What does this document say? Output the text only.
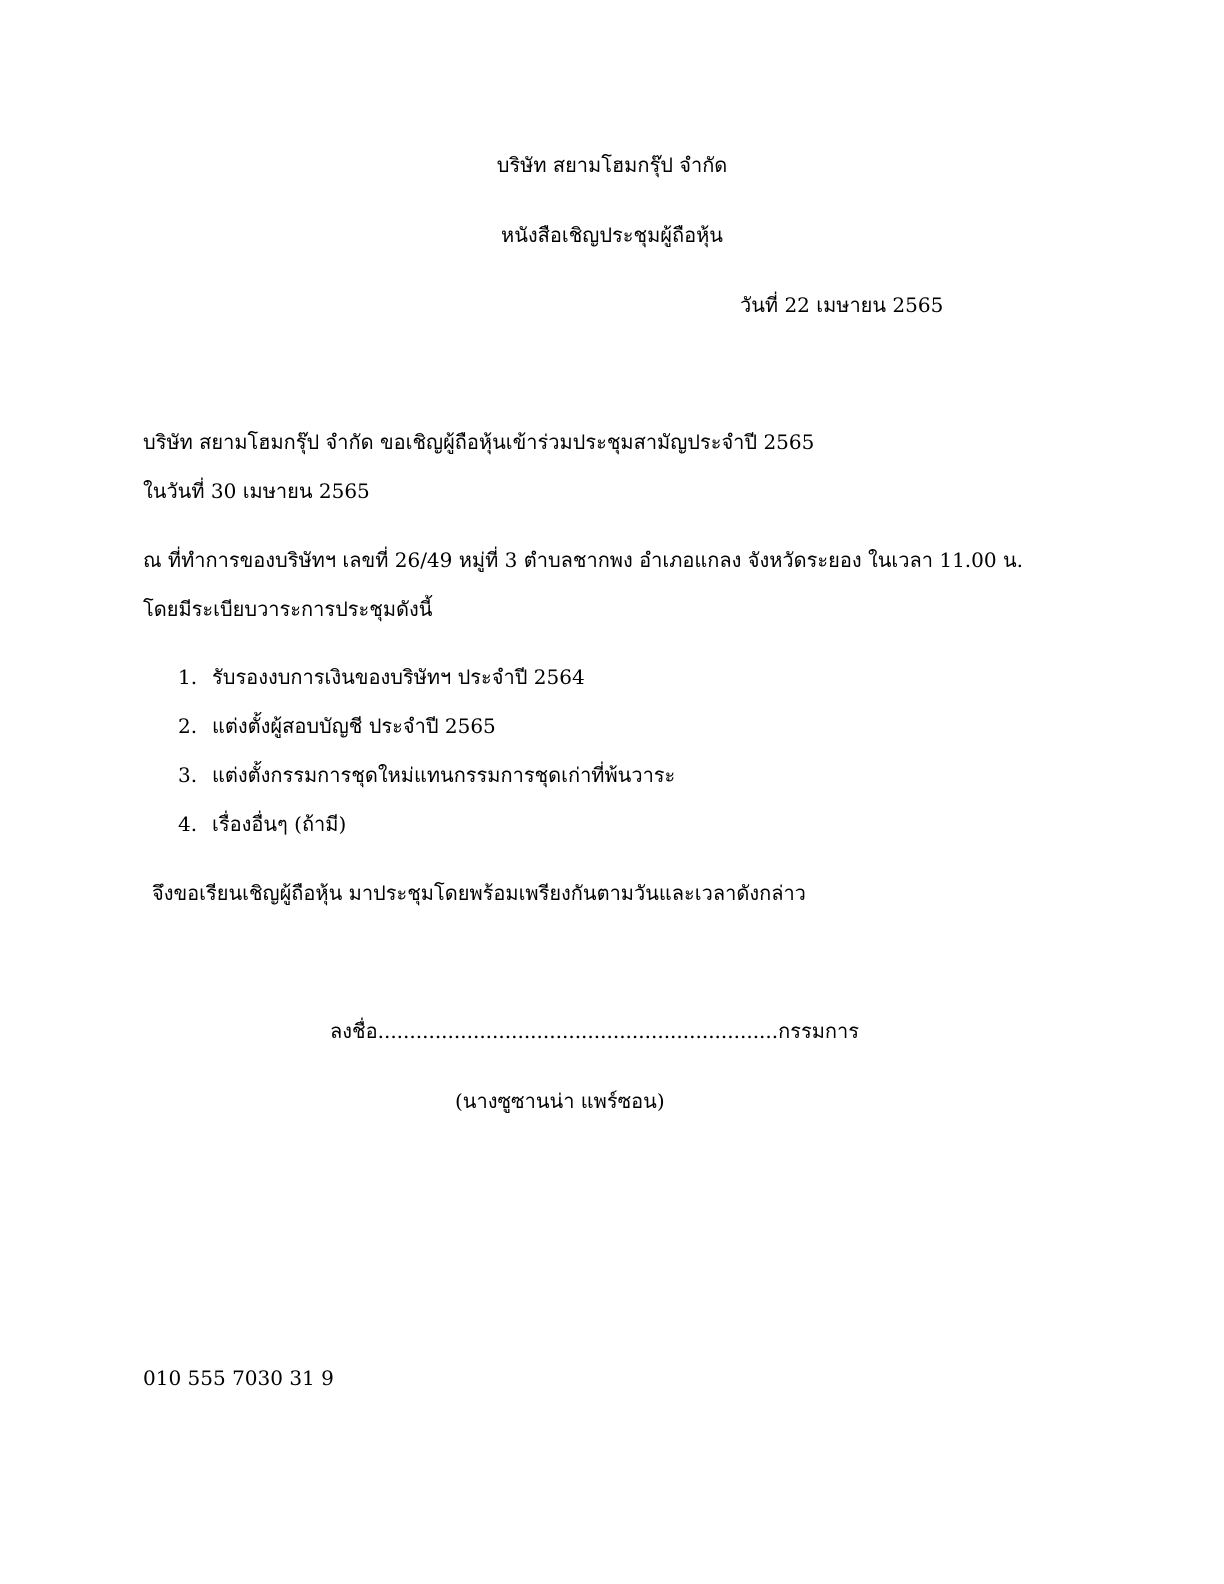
บริษัท สยามโฮมกรุ๊ป จำกัด
หนังสือเชิญประชุมผู้ถือหุ้น
วันที่ 22 เมษายน 2565
บริษัท สยามโฮมกรุ๊ป จำกัด ขอเชิญผู้ถือหุ้นเข้าร่วมประชุมสามัญประจำปี 2565
ในวันที่ 30 เมษายน 2565
ณ ที่ทำการของบริษัทฯ เลขที่ 26/49 หมู่ที่ 3 ตำบลชากพง อำเภอแกลง จังหวัดระยอง ในเวลา 11.00 น.
โดยมีระเบียบวาระการประชุมดังนี้
1. รับรองงบการเงินของบริษัทฯ ประจำปี 2564
2. แต่งตั้งผู้สอบบัญชี ประจำปี 2565
3. แต่งตั้งกรรมการชุดใหม่แทนกรรมการชุดเก่าที่พ้นวาระ
4. เรื่องอื่นๆ (ถ้ามี)
จึงขอเรียนเชิญผู้ถือหุ้น มาประชุมโดยพร้อมเพรียงกันตามวันและเวลาดังกล่าว
ลงชื่อ...............................................................กรรมการ
(นางซูซานน่า แพร์ซอน)
010 555 7030 31 9
